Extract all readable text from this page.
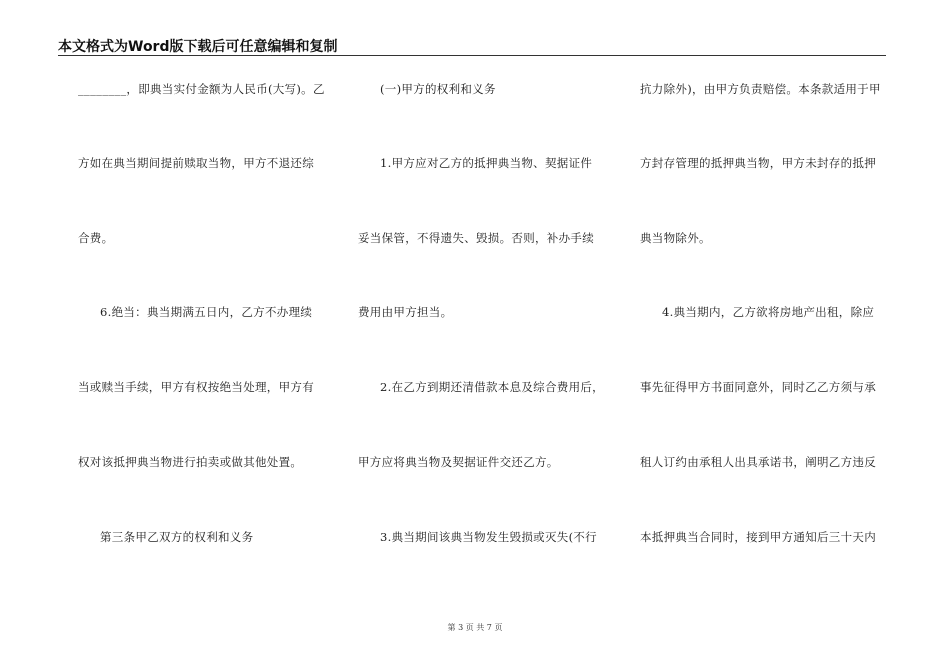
本文格式为Word版下载后可任意编辑和复制
________，即典当实付金额为人民币(大写)。乙
方如在典当期间提前赎取当物，甲方不退还综
合费。
6.绝当：典当期满五日内，乙方不办理续
当或赎当手续，甲方有权按绝当处理，甲方有
权对该抵押典当物进行拍卖或做其他处置。
第三条甲乙双方的权利和义务
(一)甲方的权利和义务
1.甲方应对乙方的抵押典当物、契据证件
妥当保管，不得遗失、毁损。否则，补办手续
费用由甲方担当。
2.在乙方到期还清借款本息及综合费用后，
甲方应将典当物及契据证件交还乙方。
3.典当期间该典当物发生毁损或灭失(不行
抗力除外)，由甲方负责赔偿。本条款适用于甲
方封存管理的抵押典当物，甲方未封存的抵押
典当物除外。
4.典当期内，乙方欲将房地产出租，除应
事先征得甲方书面同意外，同时乙乙方须与承
租人订约由承租人出具承诺书，阐明乙方违反
本抵押典当合同时，接到甲方通知后三十天内
第 3 页 共 7 页
